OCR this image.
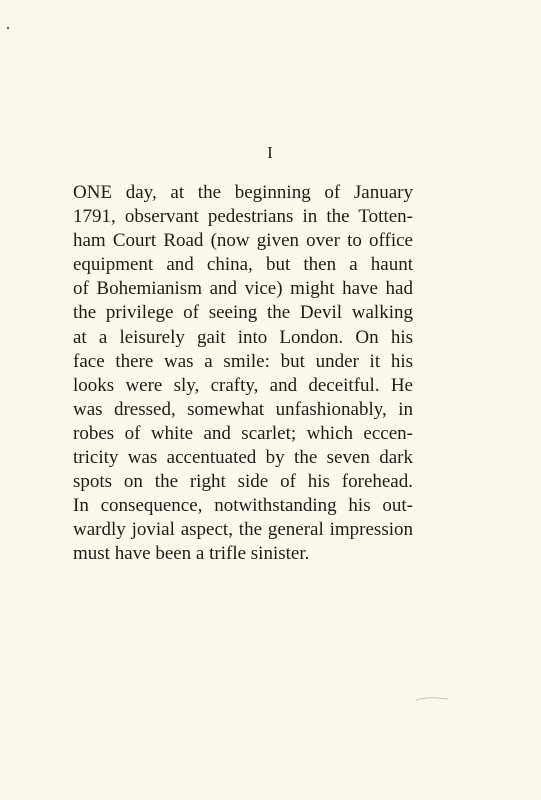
I
ONE day, at the beginning of January
1791, observant pedestrians in the Totten-
ham Court Road (now given over to office
equipment and china, but then a haunt
of Bohemianism and vice) might have had
the privilege of seeing the Devil walking
at a leisurely gait into London. On his
face there was a smile: but under it his
looks were sly, crafty, and deceitful. He
was dressed, somewhat unfashionably, in
robes of white and scarlet; which eccen-
tricity was accentuated by the seven dark
spots on the right side of his forehead.
In consequence, notwithstanding his out-
wardly jovial aspect, the general impression
must have been a trifle sinister.
